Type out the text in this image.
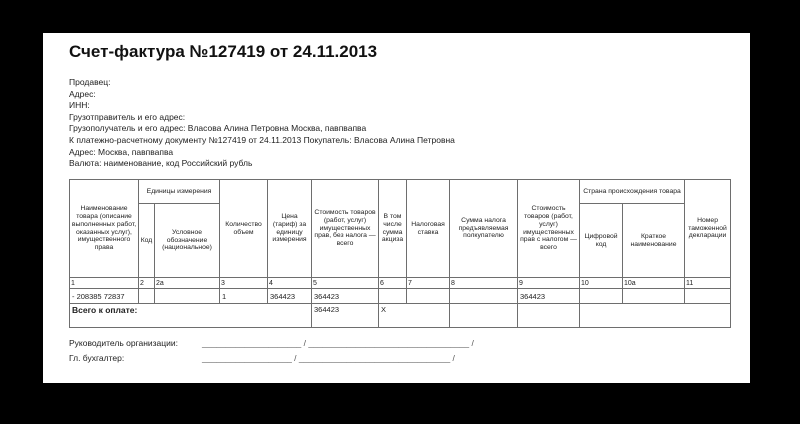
Счет-фактура №127419 от 24.11.2013
Продавец:
Адрес:
ИНН:
Грузотправитель и его адрес:
Грузополучатель и его адрес: Власова Алина Петровна Москва, павпвапва
К платежно-расчетному документу №127419 от 24.11.2013 Покупатель: Власова Алина Петровна
Адрес: Москва, павпвапва
Валюта: наименование, код Российский рубль
Наименование товара (описание выполненных работ, оказанных услуг), имущественного права	Единицы измерения		Количество объем	Цена (тариф) за единицу измерения	Стоимость товаров (работ, услуг) имущественных прав, без налога — всего	В том числе сумма акциза	Налоговая ставка	Сумма налога предъявляемая полкупателю	Стоимость товаров (работ, услуг) имущественных прав с налогом — всего	Страна происхождения товара		Номер таможенной декларации
	Код	Условное обозначение (национальное)								Цифровой код	Краткое наименование	
1	2	2а	3	4	5	6	7	8	9	10	10а	11
- 208385 72837			1	364423	364423				364423			
Всего к оплате:					364423	X						
Руководитель организации:	_____________________ / __________________________________ /
Гл. бухгалтер:	___________________ / ________________________________ /
